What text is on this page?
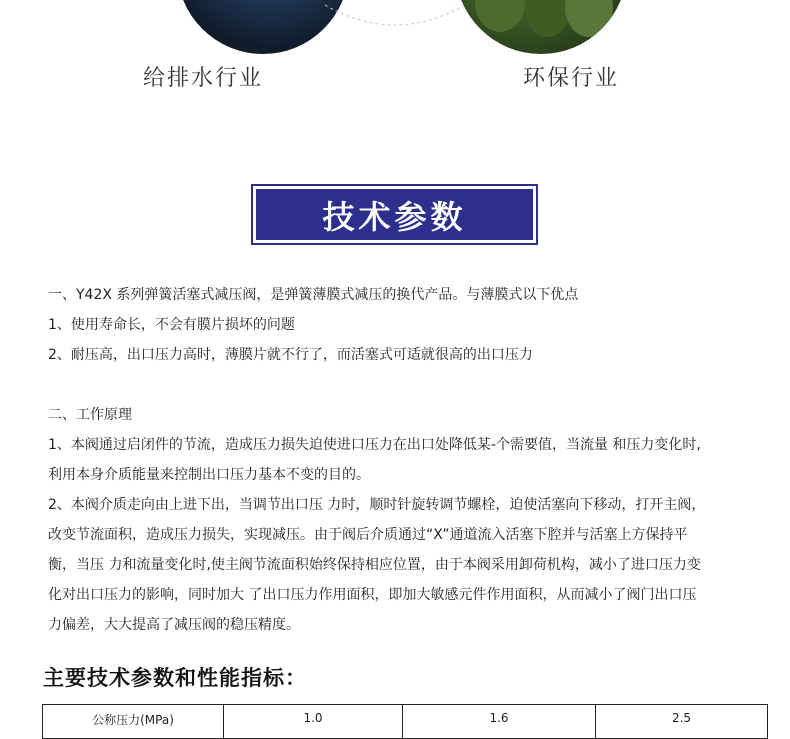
给排水行业	环保行业
技术参数
一、Y42X 系列弹簧活塞式减压阀，是弹簧薄膜式减压的换代产品。与薄膜式以下优点
1、使用寿命长，不会有膜片损坏的问题
2、耐压高，出口压力高时，薄膜片就不行了，而活塞式可适就很高的出口压力
二、工作原理
1、本阀通过启闭件的节流，造成压力损失迫使进口压力在出口处降低某-个需要值，当流量 和压力变化时,
利用本身介质能量来控制出口压力基本不变的目的。
2、本阀介质走向由上进下出，当调节出口压 力时，顺时针旋转调节螺栓，迫使活塞向下移动，打开主阀，
改变节流面积，造成压力损失，实现减压。由于阀后介质通过“X”通道流入活塞下腔并与活塞上方保持平
衡，当压 力和流量变化时,使主阀节流面积始终保持相应位置，由于本阀采用卸荷机构，减小了进口压力变
化对出口压力的影响，同时加大 了出口压力作用面积，即加大敏感元件作用面积，从而减小了阀门出口压
力偏差，大大提高了减压阀的稳压精度。
主要技术参数和性能指标：
公称压力(MPa)	1.0	1.6	2.5
